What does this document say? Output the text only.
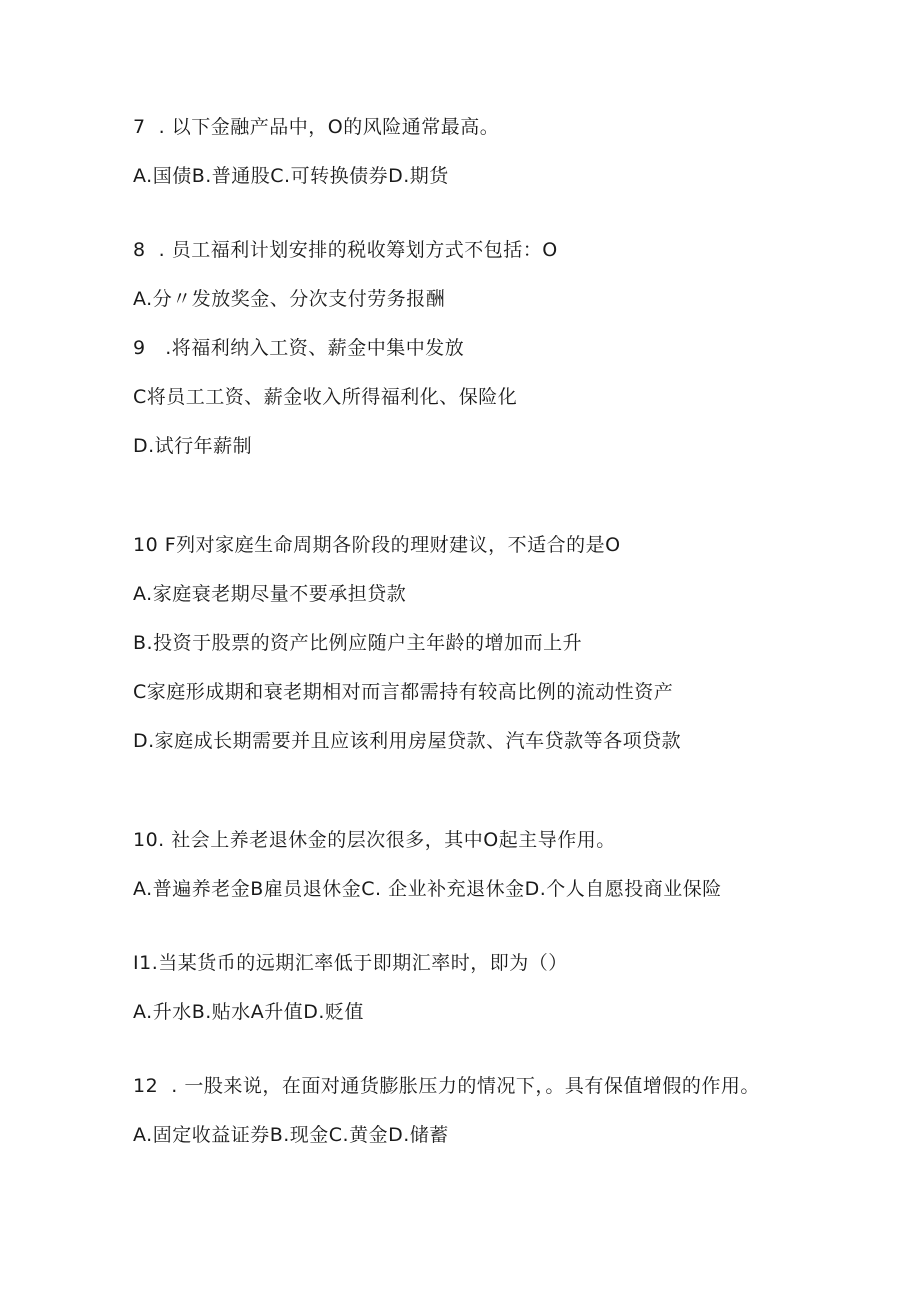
7  . 以下金融产品中，O的风险通常最高。
A.国债B.普通股C.可转换债券D.期货
8  . 员工福利计划安排的税收筹划方式不包括：O
A.分〃发放奖金、分次支付劳务报酬
9   .将福利纳入工资、薪金中集中发放
C将员工工资、薪金收入所得福利化、保险化
D.试行年薪制
10 F列对家庭生命周期各阶段的理财建议，不适合的是O
A.家庭衰老期尽量不要承担贷款
B.投资于股票的资产比例应随户主年龄的增加而上升
C家庭形成期和衰老期相对而言都需持有较高比例的流动性资产
D.家庭成长期需要并且应该利用房屋贷款、汽车贷款等各项贷款
10. 社会上养老退休金的层次很多，其中O起主导作用。
A.普遍养老金B雇员退休金C. 企业补充退休金D.个人自愿投商业保险
I1.当某货币的远期汇率低于即期汇率时，即为（）
A.升水B.贴水A升值D.贬值
12  . 一股来说，在面对通货膨胀压力的情况下，。具有保值增假的作用。
A.固定收益证券B.现金C.黄金D.储蓄
